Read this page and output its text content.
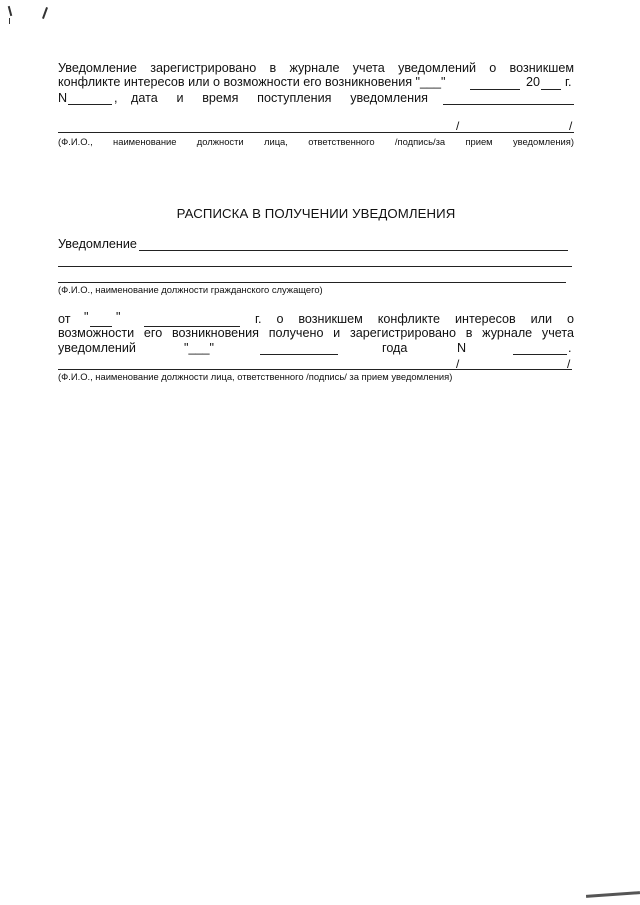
Уведомление зарегистрировано в журнале учета уведомлений о возникшем
конфликте интересов или о возможности его возникновения "___"	20 г.
N	дата и время поступления уведомления
,
/	/
(Ф.И.О., наименование должности лица, ответственного /подпись/за прием уведомления)
РАСПИСКА В ПОЛУЧЕНИИ УВЕДОМЛЕНИЯ
Уведомление
(Ф.И.О., наименование должности гражданского служащего)
от " "	г. о возникшем конфликте интересов или о
возможности его возникновения получено и зарегистрировано в журнале учета
уведомлений	"___"	года	N	.
/	/
(Ф.И.О., наименование должности лица, ответственного /подпись/ за прием уведомления)
